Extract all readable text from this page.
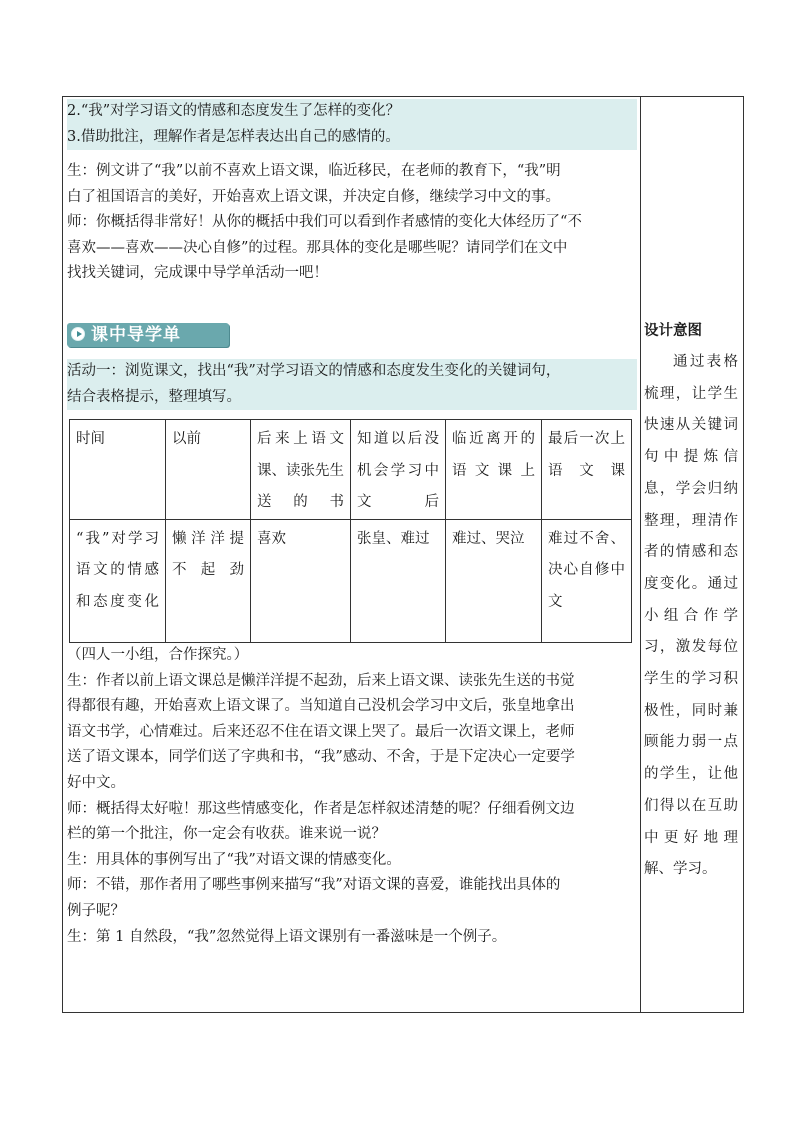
2.“我”对学习语文的情感和态度发生了怎样的变化？
3.借助批注，理解作者是怎样表达出自己的感情的。
生：例文讲了“我”以前不喜欢上语文课，临近移民，在老师的教育下，“我”明
白了祖国语言的美好，开始喜欢上语文课，并决定自修，继续学习中文的事。
师：你概括得非常好！从你的概括中我们可以看到作者感情的变化大体经历了“不
喜欢——喜欢——决心自修”的过程。那具体的变化是哪些呢？请同学们在文中
找找关键词，完成课中导学单活动一吧！
课中导学单
活动一：浏览课文，找出“我”对学习语文的情感和态度发生变化的关键词句，
结合表格提示，整理填写。
时间	以前	后来上语文课、读张先生送的书	知道以后没机会学习中文后	临近离开的语文课上	最后一次上语文课
“我”对学习语文的情感和态度变化	懒洋洋提不起劲	喜欢	张皇、难过	难过、哭泣	难过不舍、决心自修中文
（四人一小组，合作探究。）
生：作者以前上语文课总是懒洋洋提不起劲，后来上语文课、读张先生送的书觉
得都很有趣，开始喜欢上语文课了。当知道自己没机会学习中文后，张皇地拿出
语文书学，心情难过。后来还忍不住在语文课上哭了。最后一次语文课上，老师
送了语文课本，同学们送了字典和书，“我”感动、不舍，于是下定决心一定要学
好中文。
师：概括得太好啦！那这些情感变化，作者是怎样叙述清楚的呢？仔细看例文边
栏的第一个批注，你一定会有收获。谁来说一说？
生：用具体的事例写出了“我”对语文课的情感变化。
师：不错，那作者用了哪些事例来描写“我”对语文课的喜爱，谁能找出具体的
例子呢？
生：第 1 自然段，“我”忽然觉得上语文课别有一番滋味是一个例子。
设计意图
通过表格梳理，让学生快速从关键词句中提炼信息，学会归纳整理，理清作者的情感和态度变化。通过小组合作学习，激发每位学生的学习积极性，同时兼顾能力弱一点的学生，让他们得以在互助中更好地理解、学习。
